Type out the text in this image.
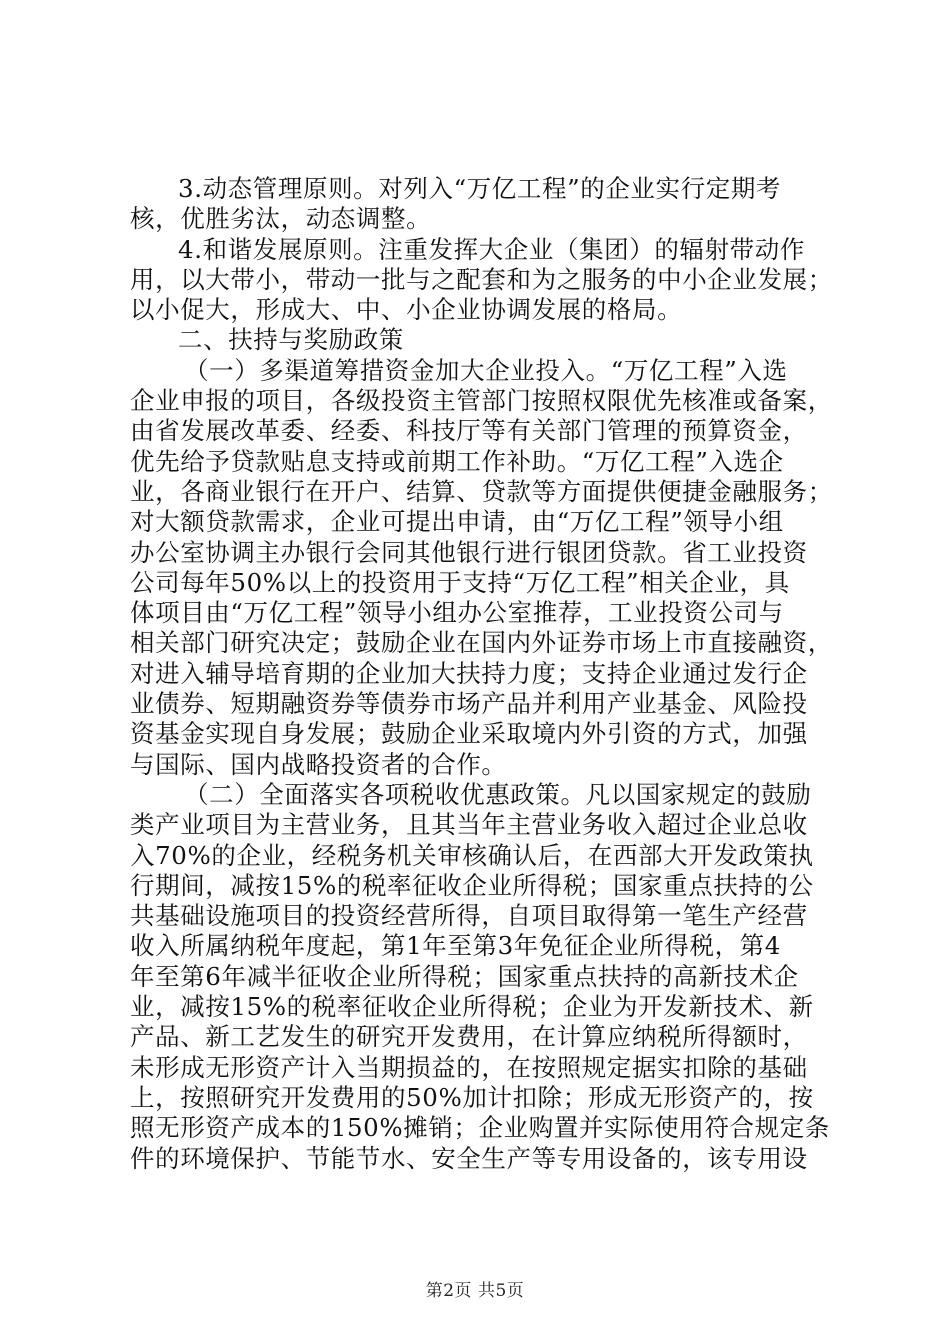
3.动态管理原则。对列入“万亿工程”的企业实行定期考
核，优胜劣汰，动态调整。
4.和谐发展原则。注重发挥大企业（集团）的辐射带动作
用，以大带小，带动一批与之配套和为之服务的中小企业发展；
以小促大，形成大、中、小企业协调发展的格局。
二、扶持与奖励政策
（一）多渠道筹措资金加大企业投入。“万亿工程”入选
企业申报的项目，各级投资主管部门按照权限优先核准或备案，
由省发展改革委、经委、科技厅等有关部门管理的预算资金，
优先给予贷款贴息支持或前期工作补助。“万亿工程”入选企
业，各商业银行在开户、结算、贷款等方面提供便捷金融服务；
对大额贷款需求，企业可提出申请，由“万亿工程”领导小组
办公室协调主办银行会同其他银行进行银团贷款。省工业投资
公司每年50%以上的投资用于支持“万亿工程”相关企业，具
体项目由“万亿工程”领导小组办公室推荐，工业投资公司与
相关部门研究决定；鼓励企业在国内外证券市场上市直接融资，
对进入辅导培育期的企业加大扶持力度；支持企业通过发行企
业债券、短期融资券等债券市场产品并利用产业基金、风险投
资基金实现自身发展；鼓励企业采取境内外引资的方式，加强
与国际、国内战略投资者的合作。
（二）全面落实各项税收优惠政策。凡以国家规定的鼓励
类产业项目为主营业务，且其当年主营业务收入超过企业总收
入70%的企业，经税务机关审核确认后，在西部大开发政策执
行期间，减按15%的税率征收企业所得税；国家重点扶持的公
共基础设施项目的投资经营所得，自项目取得第一笔生产经营
收入所属纳税年度起，第1年至第3年免征企业所得税，第4
年至第6年减半征收企业所得税；国家重点扶持的高新技术企
业，减按15%的税率征收企业所得税；企业为开发新技术、新
产品、新工艺发生的研究开发费用，在计算应纳税所得额时，
未形成无形资产计入当期损益的，在按照规定据实扣除的基础
上，按照研究开发费用的50%加计扣除；形成无形资产的，按
照无形资产成本的150%摊销；企业购置并实际使用符合规定条
件的环境保护、节能节水、安全生产等专用设备的，该专用设
第2页 共5页
